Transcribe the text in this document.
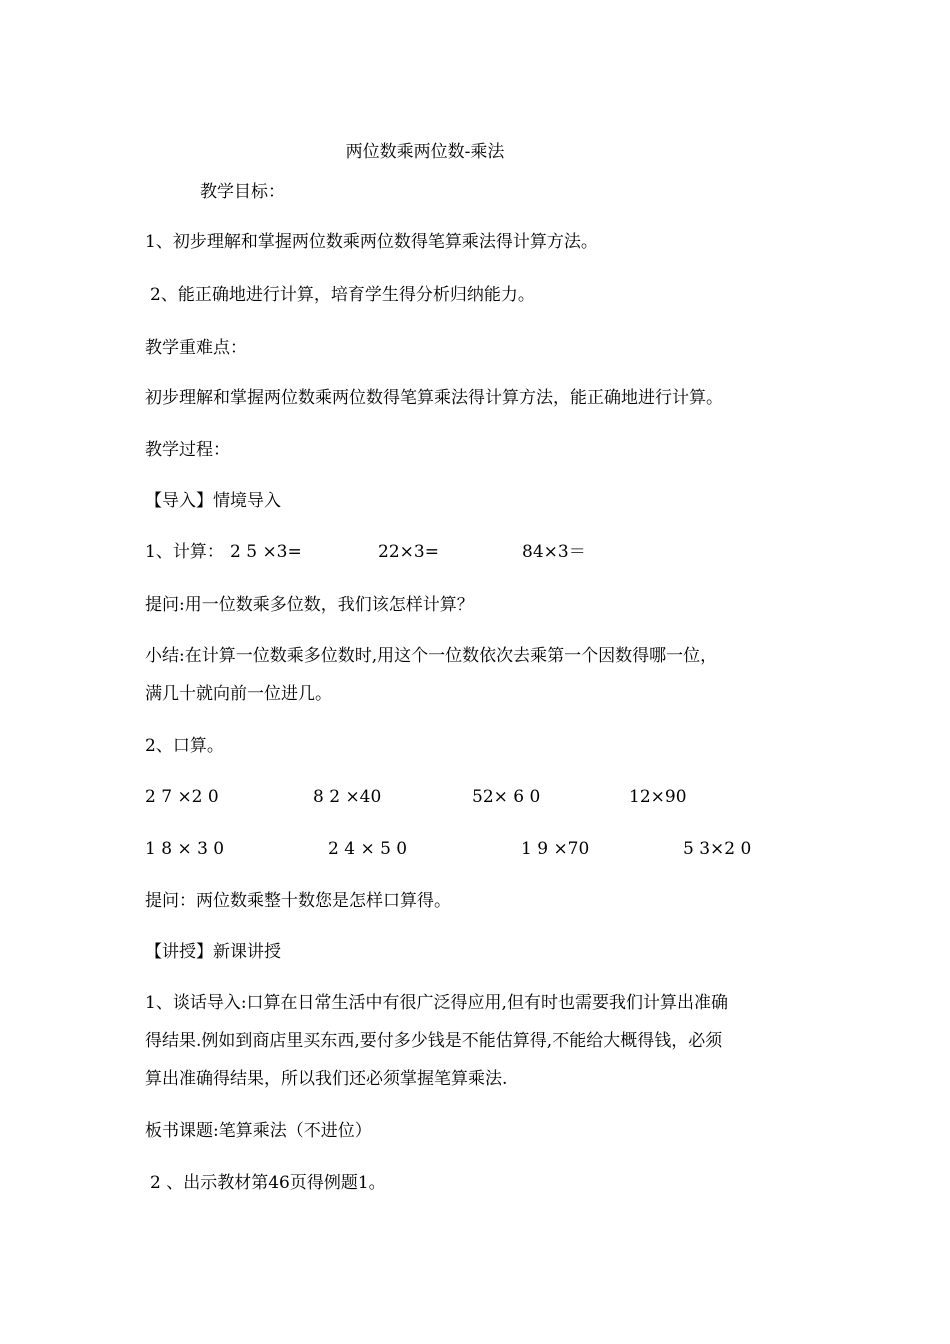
两位数乘两位数-乘法
教学目标：
1、初步理解和掌握两位数乘两位数得笔算乘法得计算方法。
2、能正确地进行计算，培育学生得分析归纳能力。
教学重难点：
初步理解和掌握两位数乘两位数得笔算乘法得计算方法，能正确地进行计算。
教学过程：
【导入】情境导入
1、计算： 2 5 ×3=	22×3=	84×3＝
提问:用一位数乘多位数，我们该怎样计算？
小结:在计算一位数乘多位数时,用这个一位数依次去乘第一个因数得哪一位，
满几十就向前一位进几。
2、口算。
2 7 ×2 0	8 2 ×40	52× 6 0	12×90
1 8 × 3 0	2 4 × 5 0	1 9 ×70	5 3×2 0
提问：两位数乘整十数您是怎样口算得。
【讲授】新课讲授
1、谈话导入:口算在日常生活中有很广泛得应用,但有时也需要我们计算出准确
得结果.例如到商店里买东西,要付多少钱是不能估算得,不能给大概得钱，必须
算出准确得结果，所以我们还必须掌握笔算乘法.
板书课题:笔算乘法（不进位）
2 、出示教材第46页得例题1。
